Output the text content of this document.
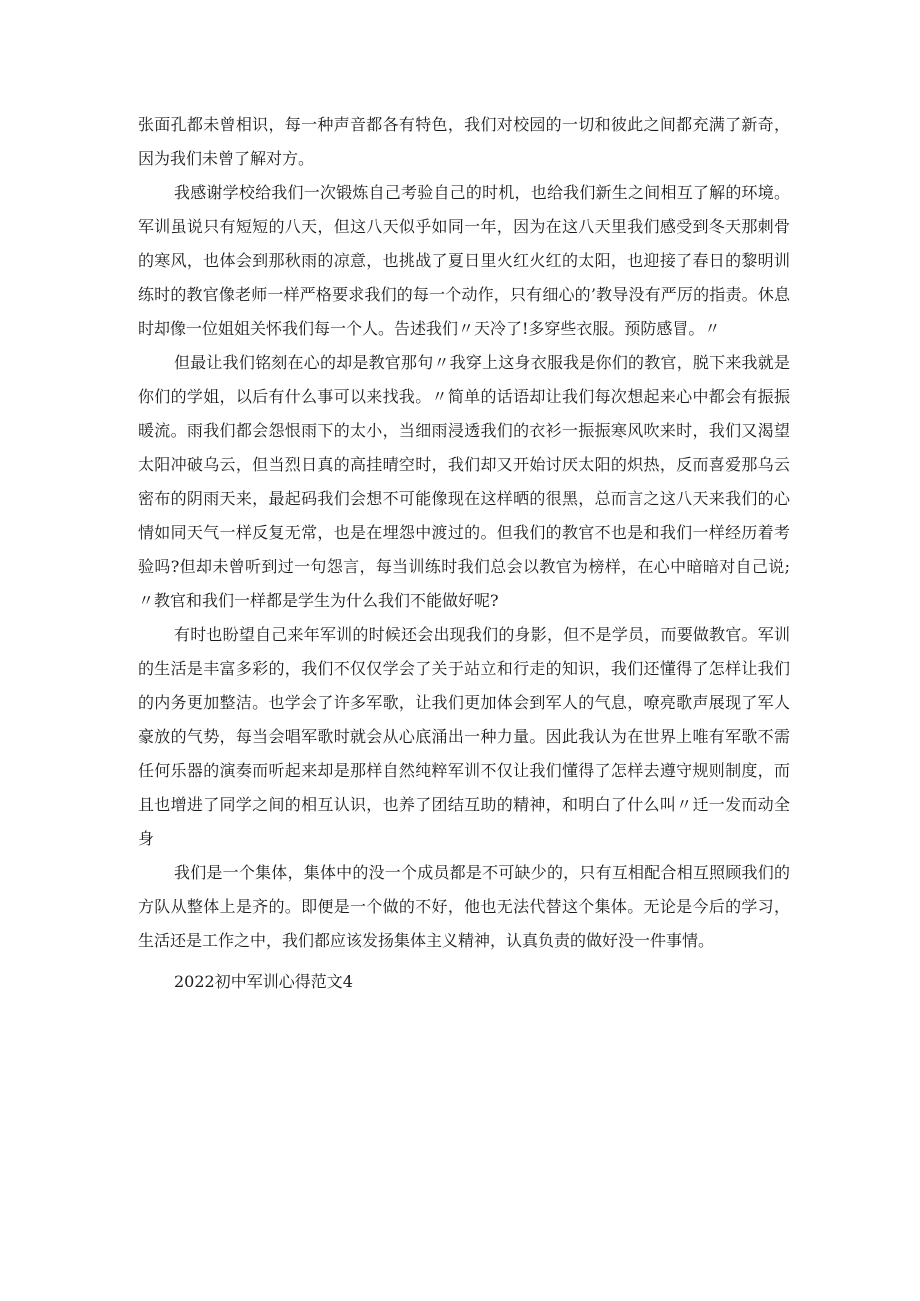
张面孔都未曾相识，每一种声音都各有特色，我们对校园的一切和彼此之间都充满了新奇，因为我们未曾了解对方。

我感谢学校给我们一次锻炼自己考验自己的时机，也给我们新生之间相互了解的环境。军训虽说只有短短的八天，但这八天似乎如同一年，因为在这八天里我们感受到冬天那刺骨的寒风，也体会到那秋雨的凉意，也挑战了夏日里火红火红的太阳，也迎接了春日的黎明训练时的教官像老师一样严格要求我们的每一个动作，只有细心的’教导没有严厉的指责。休息时却像一位姐姐关怀我们每一个人。告述我们〃天冷了!多穿些衣服。预防感冒。〃

但最让我们铭刻在心的却是教官那句〃我穿上这身衣服我是你们的教官，脱下来我就是你们的学姐，以后有什么事可以来找我。〃简单的话语却让我们每次想起来心中都会有振振暖流。雨我们都会怨恨雨下的太小，当细雨浸透我们的衣衫一振振寒风吹来时，我们又渴望太阳冲破乌云，但当烈日真的高挂晴空时，我们却又开始讨厌太阳的炽热，反而喜爱那乌云密布的阴雨天来，最起码我们会想不可能像现在这样晒的很黑，总而言之这八天来我们的心情如同天气一样反复无常，也是在埋怨中渡过的。但我们的教官不也是和我们一样经历着考验吗?但却未曾听到过一句怨言，每当训练时我们总会以教官为榜样，在心中暗暗对自己说;〃教官和我们一样都是学生为什么我们不能做好呢?

有时也盼望自己来年军训的时候还会出现我们的身影，但不是学员，而要做教官。军训的生活是丰富多彩的，我们不仅仅学会了关于站立和行走的知识，我们还懂得了怎样让我们的内务更加整洁。也学会了许多军歌，让我们更加体会到军人的气息，嘹亮歌声展现了军人豪放的气势，每当会唱军歌时就会从心底涌出一种力量。因此我认为在世界上唯有军歌不需任何乐器的演奏而听起来却是那样自然纯粹军训不仅让我们懂得了怎样去遵守规则制度，而且也增进了同学之间的相互认识，也养了团结互助的精神，和明白了什么叫〃迁一发而动全身

我们是一个集体，集体中的没一个成员都是不可缺少的，只有互相配合相互照顾我们的方队从整体上是齐的。即便是一个做的不好，他也无法代替这个集体。无论是今后的学习，生活还是工作之中，我们都应该发扬集体主义精神，认真负责的做好没一件事情。

2022初中军训心得范文4
